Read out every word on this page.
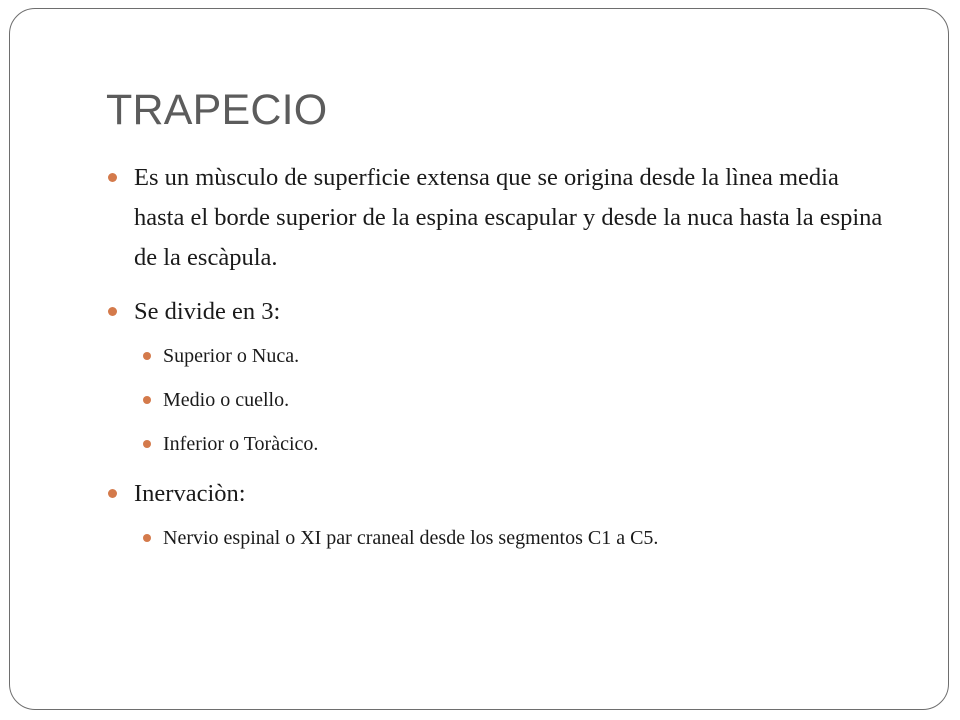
TRAPECIO
Es un mùsculo de superficie extensa que se origina desde la lìnea media hasta el borde superior de la espina escapular y desde la nuca hasta la espina de la escàpula.
Se divide en 3:
Superior o Nuca.
Medio o cuello.
Inferior o Toràcico.
Inervaciòn:
Nervio espinal o XI par craneal desde los segmentos C1 a C5.
